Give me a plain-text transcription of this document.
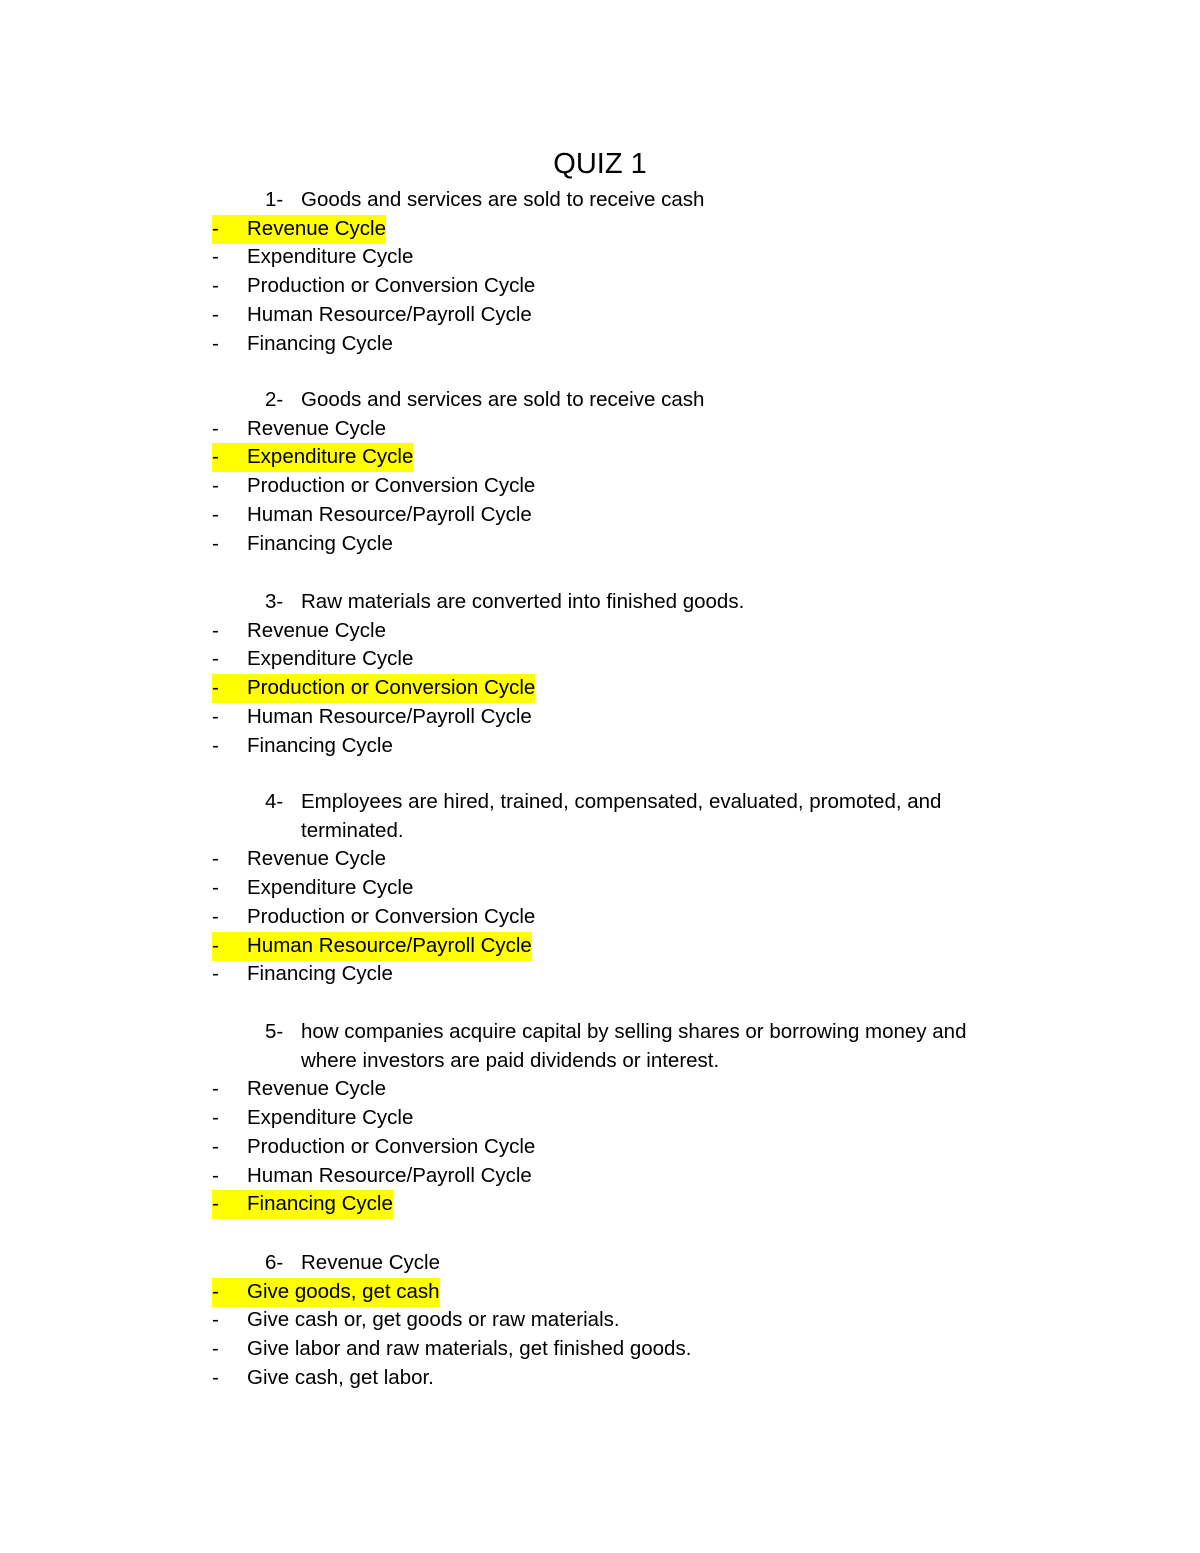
QUIZ 1
1- Goods and services are sold to receive cash
- Revenue Cycle
- Expenditure Cycle
- Production or Conversion Cycle
- Human Resource/Payroll Cycle
- Financing Cycle
2- Goods and services are sold to receive cash
- Revenue Cycle
- Expenditure Cycle
- Production or Conversion Cycle
- Human Resource/Payroll Cycle
- Financing Cycle
3- Raw materials are converted into finished goods.
- Revenue Cycle
- Expenditure Cycle
- Production or Conversion Cycle
- Human Resource/Payroll Cycle
- Financing Cycle
4- Employees are hired, trained, compensated, evaluated, promoted, and terminated.
- Revenue Cycle
- Expenditure Cycle
- Production or Conversion Cycle
- Human Resource/Payroll Cycle
- Financing Cycle
5- how companies acquire capital by selling shares or borrowing money and where investors are paid dividends or interest.
- Revenue Cycle
- Expenditure Cycle
- Production or Conversion Cycle
- Human Resource/Payroll Cycle
- Financing Cycle
6- Revenue Cycle
- Give goods, get cash
- Give cash or, get goods or raw materials.
- Give labor and raw materials, get finished goods.
- Give cash, get labor.
